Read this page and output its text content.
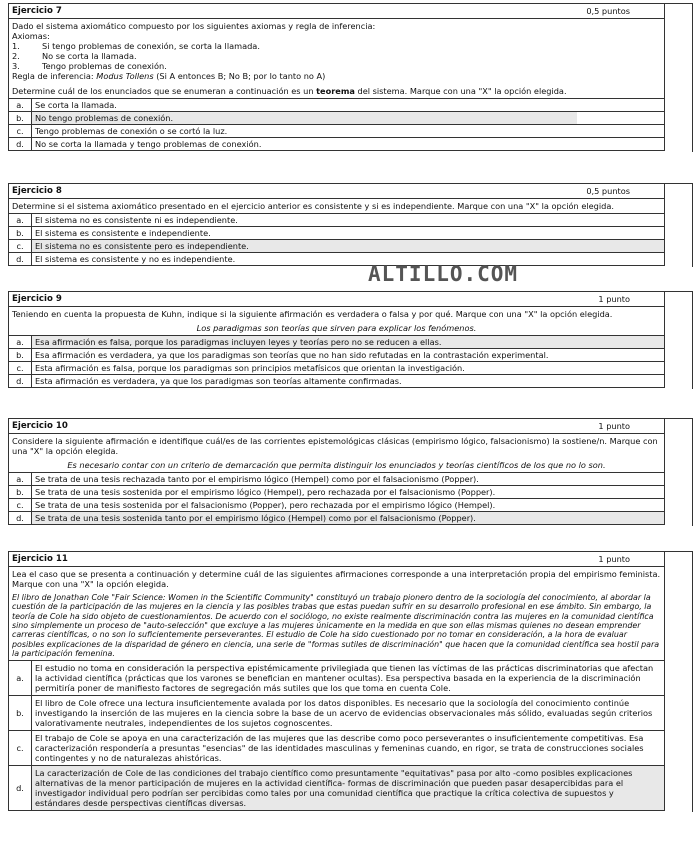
Ejercicio 7	0,5 puntos
Dado el sistema axiomático compuesto por los siguientes axiomas y regla de inferencia:
Axiomas:
1.	Si tengo problemas de conexión, se corta la llamada.
2.	No se corta la llamada.
3.	Tengo problemas de conexión.
Regla de inferencia: Modus Tollens (Si A entonces B; No B; por lo tanto no A)
Determine cuál de los enunciados que se enumeran a continuación es un teorema del sistema. Marque con una "X" la opción elegida.
a.	Se corta la llamada.
b.	No tengo problemas de conexión.
c.	Tengo problemas de conexión o se cortó la luz.
d.	No se corta la llamada y tengo problemas de conexión.
Ejercicio 8	0,5 puntos
Determine si el sistema axiomático presentado en el ejercicio anterior es consistente y si es independiente. Marque con una "X" la opción elegida.
a.	El sistema no es consistente ni es independiente.
b.	El sistema es consistente e independiente.
c.	El sistema no es consistente pero es independiente.
d.	El sistema es consistente y no es independiente.
ALTILLO.COM
Ejercicio 9	1 punto
Teniendo en cuenta la propuesta de Kuhn, indique si la siguiente afirmación es verdadera o falsa y por qué. Marque con una "X" la opción elegida.
Los paradigmas son teorías que sirven para explicar los fenómenos.
a.	Esa afirmación es falsa, porque los paradigmas incluyen leyes y teorías pero no se reducen a ellas.
b.	Esa afirmación es verdadera, ya que los paradigmas son teorías que no han sido refutadas en la contrastación experimental.
c.	Esta afirmación es falsa, porque los paradigmas son principios metafísicos que orientan la investigación.
d.	Esta afirmación es verdadera, ya que los paradigmas son teorías altamente confirmadas.
Ejercicio 10	1 punto
Considere la siguiente afirmación e identifique cuál/es de las corrientes epistemológicas clásicas (empirismo lógico, falsacionismo) la sostiene/n. Marque con una "X" la opción elegida.
Es necesario contar con un criterio de demarcación que permita distinguir los enunciados y teorías científicos de los que no lo son.
a.	Se trata de una tesis rechazada tanto por el empirismo lógico (Hempel) como por el falsacionismo (Popper).
b.	Se trata de una tesis sostenida por el empirismo lógico (Hempel), pero rechazada por el falsacionismo (Popper).
c.	Se trata de una tesis sostenida por el falsacionismo (Popper), pero rechazada por el empirismo lógico (Hempel).
d.	Se trata de una tesis sostenida tanto por el empirismo lógico (Hempel) como por el falsacionismo (Popper).
Ejercicio 11	1 punto
Lea el caso que se presenta a continuación y determine cuál de las siguientes afirmaciones corresponde a una interpretación propia del empirismo feminista. Marque con una "X" la opción elegida.
El libro de Jonathan Cole "Fair Science: Women in the Scientific Community" constituyó un trabajo pionero dentro de la sociología del conocimiento, al abordar la cuestión de la participación de las mujeres en la ciencia y las posibles trabas que estas puedan sufrir en su desarrollo profesional en ese ámbito. Sin embargo, la teoría de Cole ha sido objeto de cuestionamientos. De acuerdo con el sociólogo, no existe realmente discriminación contra las mujeres en la comunidad científica sino simplemente un proceso de "auto-selección" que excluye a las mujeres únicamente en la medida en que son ellas mismas quienes no desean emprender carreras científicas, o no son lo suficientemente perseverantes. El estudio de Cole ha sido cuestionado por no tomar en consideración, a la hora de evaluar posibles explicaciones de la disparidad de género en ciencia, una serie de "formas sutiles de discriminación" que hacen que la comunidad científica sea hostil para la participación femenina.
a.
El estudio no toma en consideración la perspectiva epistémicamente privilegiada que tienen las víctimas de las prácticas discriminatorias que afectan la actividad científica (prácticas que los varones se benefician en mantener ocultas). Esa perspectiva basada en la experiencia de la discriminación permitiría poner de manifiesto factores de segregación más sutiles que los que toma en cuenta Cole.
b.
El libro de Cole ofrece una lectura insuficientemente avalada por los datos disponibles. Es necesario que la sociología del conocimiento continúe investigando la inserción de las mujeres en la ciencia sobre la base de un acervo de evidencias observacionales más sólido, evaluadas según criterios valorativamente neutrales, independientes de los sujetos cognoscentes.
c.
El trabajo de Cole se apoya en una caracterización de las mujeres que las describe como poco perseverantes o insuficientemente competitivas. Esa caracterización respondería a presuntas "esencias" de las identidades masculinas y femeninas cuando, en rigor, se trata de construcciones sociales contingentes y no de naturalezas ahistóricas.
d.
La caracterización de Cole de las condiciones del trabajo científico como presuntamente "equitativas" pasa por alto -como posibles explicaciones alternativas de la menor participación de mujeres en la actividad científica- formas de discriminación que pueden pasar desapercibidas para el investigador individual pero podrían ser percibidas como tales por una comunidad científica que practique la crítica colectiva de supuestos y estándares desde perspectivas científicas diversas.
